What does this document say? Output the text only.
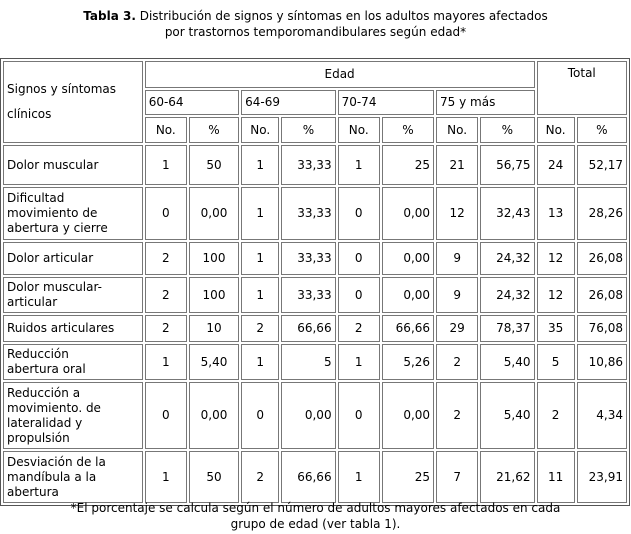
Tabla 3. Distribución de signos y síntomas en los adultos mayores afectados
por trastornos temporomandibulares según edad*
Signos y síntomas
clínicos	Edad								Total	
	60-64		64-69		70-74		75 y más			
	No.	%	No.	%	No.	%	No.	%	No.	%

Dolor muscular	1	50	1	33,33	1	25	21	56,75	24	52,17

Dificultad
movimiento de
abertura y cierre	0	0,00	1	33,33	0	0,00	12	32,43	13	28,26

Dolor articular	2	100	1	33,33	0	0,00	9	24,32	12	26,08

Dolor muscular-
articular	2	100	1	33,33	0	0,00	9	24,32	12	26,08

Ruidos articulares	2	10	2	66,66	2	66,66	29	78,37	35	76,08

Reducción
abertura oral	1	5,40	1	5	1	5,26	2	5,40	5	10,86

Reducción a
movimiento. de
lateralidad y
propulsión	0	0,00	0	0,00	0	0,00	2	5,40	2	4,34

Desviación de la
mandíbula a la
abertura	1	50	2	66,66	1	25	7	21,62	11	23,91
*El porcentaje se calcula según el número de adultos mayores afectados en cada
grupo de edad (ver tabla 1).
